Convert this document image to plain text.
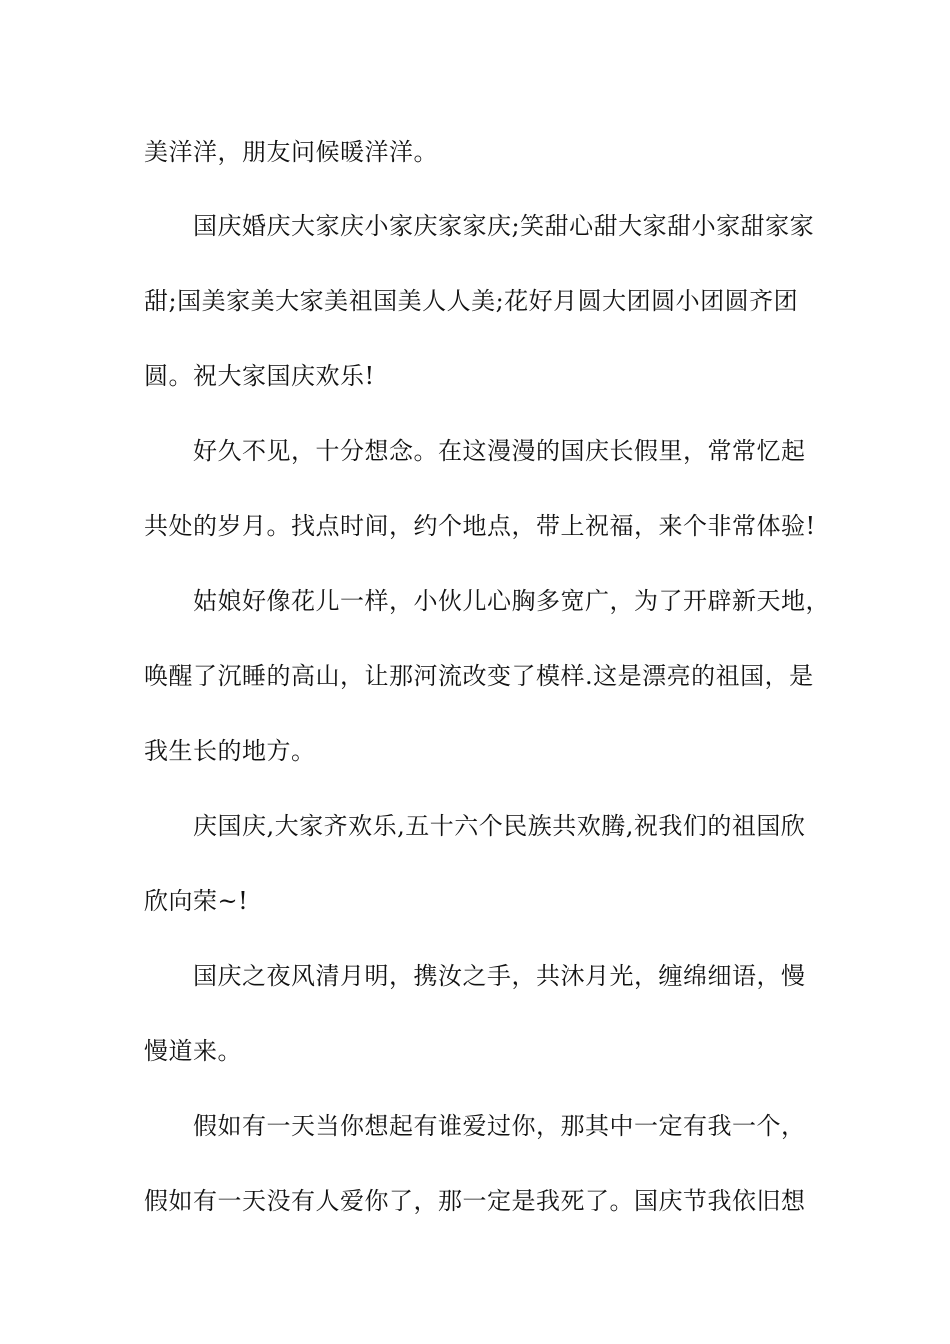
美洋洋，朋友问候暖洋洋。

国庆婚庆大家庆小家庆家家庆;笑甜心甜大家甜小家甜家家

甜;国美家美大家美祖国美人人美;花好月圆大团圆小团圆齐团

圆。祝大家国庆欢乐!

好久不见，十分想念。在这漫漫的国庆长假里，常常忆起

共处的岁月。找点时间，约个地点，带上祝福，来个非常体验!

姑娘好像花儿一样，小伙儿心胸多宽广，为了开辟新天地，

唤醒了沉睡的高山，让那河流改变了模样.这是漂亮的祖国，是

我生长的地方。

庆国庆,大家齐欢乐,五十六个民族共欢腾,祝我们的祖国欣

欣向荣~!

国庆之夜风清月明，携汝之手，共沐月光，缠绵细语，慢

慢道来。

假如有一天当你想起有谁爱过你，那其中一定有我一个，

假如有一天没有人爱你了，那一定是我死了。国庆节我依旧想
